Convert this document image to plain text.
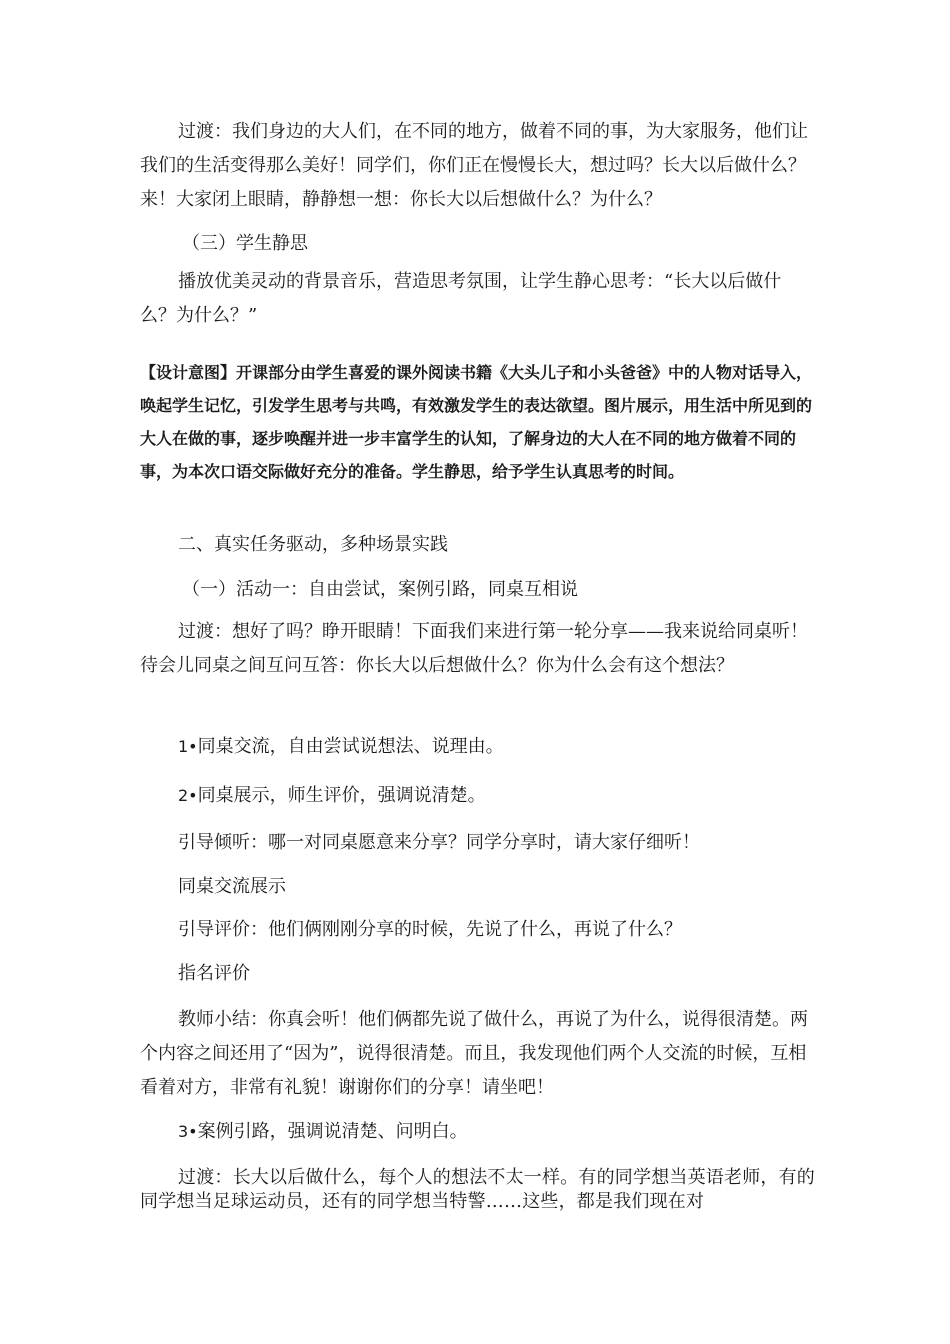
过渡：我们身边的大人们，在不同的地方，做着不同的事，为大家服务，他们让我们的生活变得那么美好！同学们，你们正在慢慢长大，想过吗？长大以后做什么？来！大家闭上眼睛，静静想一想：你长大以后想做什么？为什么？

（三）学生静思

播放优美灵动的背景音乐，营造思考氛围，让学生静心思考：“长大以后做什么？为什么？”

【设计意图】开课部分由学生喜爱的课外阅读书籍《大头儿子和小头爸爸》中的人物对话导入，唤起学生记忆，引发学生思考与共鸣，有效激发学生的表达欲望。图片展示，用生活中所见到的大人在做的事，逐步唤醒并进一步丰富学生的认知，了解身边的大人在不同的地方做着不同的事，为本次口语交际做好充分的准备。学生静思，给予学生认真思考的时间。

二、真实任务驱动，多种场景实践

（一）活动一：自由尝试，案例引路，同桌互相说

过渡：想好了吗？睁开眼睛！下面我们来进行第一轮分享——我来说给同桌听！待会儿同桌之间互问互答：你长大以后想做什么？你为什么会有这个想法？

1•同桌交流，自由尝试说想法、说理由。

2•同桌展示，师生评价，强调说清楚。

引导倾听：哪一对同桌愿意来分享？同学分享时，请大家仔细听！

同桌交流展示

引导评价：他们俩刚刚分享的时候，先说了什么，再说了什么？

指名评价

教师小结：你真会听！他们俩都先说了做什么，再说了为什么，说得很清楚。两个内容之间还用了“因为”，说得很清楚。而且，我发现他们两个人交流的时候，互相看着对方，非常有礼貌！谢谢你们的分享！请坐吧！

3•案例引路，强调说清楚、问明白。

过渡：长大以后做什么，每个人的想法不太一样。有的同学想当英语老师，有的同学想当足球运动员，还有的同学想当特警……这些，都是我们现在对
